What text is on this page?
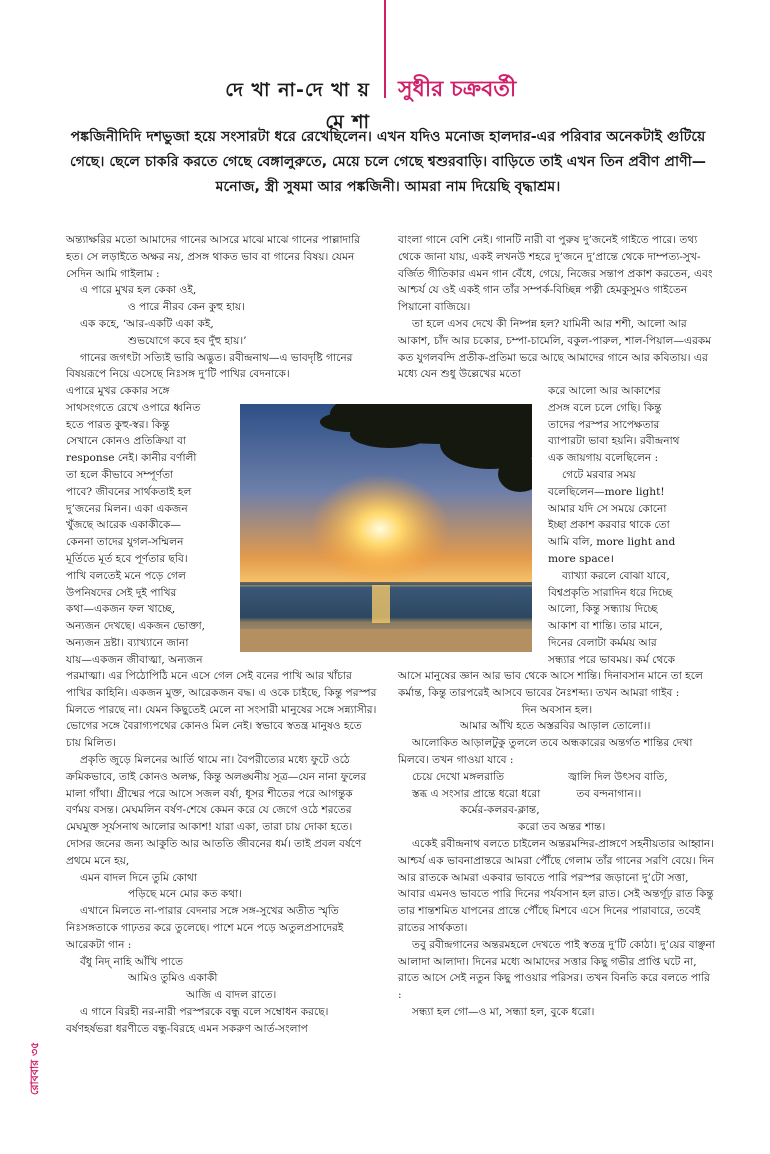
দে খা না-দে খা য় মে শা
সুধীর চক্রবর্তী
পঙ্কজিনীদিদি দশভুজা হয়ে সংসারটা ধরে রেখেছিলেন। এখন যদিও মনোজ হালদার-এর পরিবার অনেকটাই গুটিয়ে গেছে। ছেলে চাকরি করতে গেছে বেঙ্গালুরুতে, মেয়ে চলে গেছে শ্বশুরবাড়ি। বাড়িতে তাই এখন তিন প্রবীণ প্রাণী—মনোজ, স্ত্রী সুষমা আর পঙ্কজিনী। আমরা নাম দিয়েছি বৃদ্ধাশ্রম।

অন্ত্যাক্ষরির মতো আমাদের গানের আসরে মাঝে মাঝে গানের পাল্লাদারি হত। সে লড়াইতে অক্ষর নয়, প্রসঙ্গ থাকত ভাব বা গানের বিষয়। যেমন সেদিন আমি গাইলাম :

এ পারে মুখর হল কেকা ওই,

ও পারে নীরব কেন কুহু হায়।

এক কহে, ‘আর-একটি একা কই,

শুভযোগে কবে হব দুঁহু হায়।’

গানের জগৎটা সত্যিই ভারি অদ্ভুত। রবীন্দ্রনাথ—এ ভাবদৃষ্টি গানের বিষয়রূপে নিয়ে এসেছে নিঃসঙ্গ দু’টি পাখির বেদনাকে।

এপারে মুখর কেকার সঙ্গে

সাথসংগতে রেখে ওপারে ধ্বনিত

হতে পারত কুহু-স্বর। কিন্তু

সেখানে কোনও প্রতিক্রিয়া বা

response নেই। কানীর বর্ণালী

তা হলে কীভাবে সম্পূর্ণতা

পাবে? জীবনের সার্থকতাই হল

দু’জনের মিলন। একা একজন

খুঁজছে আরেক একাকীকে—

কেননা তাদের যুগল-সম্মিলন

মূর্তিতে মূর্ত হবে পূর্ণতার ছবি।

পাখি বলতেই মনে পড়ে গেল

উপনিষদের সেই দুই পাখির

কথা—একজন ফল খাচ্ছে,

অন্যজন দেখছে। একজন ভোক্তা,

অন্যজন দ্রষ্টা। ব্যাখ্যানে জানা

যায়—একজন জীবাত্মা, অন্যজন

পরমাত্মা। এর পিঠোপিঠি মনে এসে গেল সেই বনের পাখি আর খাঁচার পাখির কাহিনি। একজন মুক্ত, আরেকজন বদ্ধ। এ ওকে চাইছে, কিন্তু পরস্পর মিলতে পারছে না। যেমন কিছুতেই মেলে না সংসারী মানুষের সঙ্গে সন্ন্যাসীর। ভোগের সঙ্গে বৈরাগ্যপথের কোনও মিল নেই। স্বভাবে স্বতন্ত্র মানুষও হতে চায় মিলিত।

প্রকৃতি জুড়ে মিলনের আর্তি থামে না। বৈপরীত্যের মধ্যে ফুটে ওঠে ক্রমিকভাবে, তাই কোনও অলক্ষ, কিন্তু অলঙ্ঘনীয় সূত্র—যেন নানা ফুলের মালা গাঁথা। গ্রীষ্মের পরে আসে সজল বর্ষা, ধূসর শীতের পরে আগন্তুক বর্ণময় বসন্ত। মেঘমলিন বর্ষণ-শেষে কেমন করে যে জেগে ওঠে শরতের মেঘমুক্ত সূর্যসনাথ আলোর আকাশ! যারা একা, তারা চায় দোকা হতে। দোসর জনের জন্য আকুতি আর আততি জীবনের ধর্ম। তাই প্রবল বর্ষণে প্রথমে মনে হয়,

এমন বাদল দিনে তুমি কোথা

পড়িছে মনে মোর কত কথা।

এখানে মিলতে না-পারার বেদনার সঙ্গে সঙ্গ-সুখের অতীত স্মৃতি নিঃসঙ্গতাকে গাঢ়তর করে তুলেছে। পাশে মনে পড়ে অতুলপ্রসাদেরই আরেকটা গান :

বঁধু নিদ্ নাহি আঁখি পাতে

আমিও তুমিও একাকী

আজি এ বাদল রাতে।

এ গানে বিরহী নর-নারী পরস্পরকে বন্ধু বলে সম্বোধন করছে। বর্ষণহর্ষভরা ধরণীতে বন্ধু-বিরহে এমন সকরুণ আর্ত-সংলাপ

বাংলা গানে বেশি নেই। গানটি নারী বা পুরুষ দু’জনেই গাইতে পারে। তথ্য থেকে জানা যায়, একই লখনউ শহরে দু’জনে দু’প্রান্তে থেকে দাম্পত্য-সুখ-বর্জিত গীতিকার এমন গান বেঁধে, গেয়ে, নিজের সন্তাপ প্রকাশ করতেন, এবং আশ্চর্য যে ওই একই গান তাঁর সম্পর্ক-বিচ্ছিন্ন পত্নী হেমকুসুমও গাইতেন পিয়ানো বাজিয়ে।

তা হলে এসব দেখে কী নিষ্পন্ন হল? যামিনী আর শশী, আলো আর আকাশ, চাঁদ আর চকোর, চম্পা-চামেলি, বকুল-পারুল, শাল-পিয়াল—এরকম কত যুগলবন্দি প্রতীক-প্রতিমা ভরে আছে আমাদের গানে আর কবিতায়। এর মধ্যে যেন শুধু উল্লেখের মতো

করে আলো আর আকাশের

প্রসঙ্গ বলে চলে গেছি। কিন্তু

তাদের পরস্পর সাপেক্ষতার

ব্যাপারটা ভাবা হয়নি। রবীন্দ্রনাথ

এক জায়গায় বলেছিলেন :

গেটে মরবার সময়

বলেছিলেন—more light!

আমার যদি সে সময়ে কোনো

ইচ্ছা প্রকাশ করবার থাকে তো

আমি বলি, more light and

more space।

ব্যাখ্যা করলে বোঝা যাবে,

বিশ্বপ্রকৃতি সারাদিন ধরে দিচ্ছে

আলো, কিন্তু সন্ধ্যায় দিচ্ছে

আকাশ বা শান্তি। তার মানে,

দিনের বেলাটা কর্মময় আর

সন্ধ্যার পরে ভাবময়। কর্ম থেকে

আসে মানুষের জ্ঞান আর ভাব থেকে আসে শান্তি। দিনাবসান মানে তা হলে কর্মান্ত, কিন্তু তারপরেই আসবে ভাবের নৈঃশব্দ্য। তখন আমরা গাইব :

দিন অবসান হল।

আমার আঁখি হতে অস্তরবির আড়াল তোলো।।

আলোকিত আড়ালটুকু তুললে তবে অন্ধকারের অন্তর্গত শান্তির দেখা মিলবে। তখন গাওয়া যাবে :

চেয়ে দেখো মঙ্গলরাতি	জ্বালি দিল উৎসব বাতি,

স্তব্ধ এ সংসার প্রান্তে ধরো ধরো	তব বন্দনাগান।।

কর্মের-কলরব-ক্লান্ত,

করো তব অন্তর শান্ত।

একেই রবীন্দ্রনাথ বলতে চাইলেন অন্তরমন্দির-প্রাঙ্গণে সহনীয়তার আহ্বান। আশ্চর্য এক ভাবনাপ্রান্তরে আমরা পৌঁছে গেলাম তাঁর গানের সরণি বেয়ে। দিন আর রাতকে আমরা একবার ভাবতে পারি পরস্পর জড়ানো দু’টো সত্তা, আবার এমনও ভাবতে পারি দিনের পর্যবসান হল রাত। সেই অন্তর্গূঢ় রাত কিন্তু তার শান্তশমিত যাপনের প্রান্তে পৌঁছে মিশবে এসে দিনের পারাবারে, তবেই রাতের সার্থকতা।

তবু রবীন্দ্রগানের অন্তরমহলে দেখতে পাই স্বতন্ত্র দু’টি কোঠা। দু’য়ের বাঞ্ছনা আলাদা আলাদা। দিনের মধ্যে আমাদের সত্তার কিছু গভীর প্রাপ্তি ঘটে না, রাতে আসে সেই নতুন কিছু পাওয়ার পরিসর। তখন বিনতি করে বলতে পারি :

সন্ধ্যা হল গো—ও মা, সন্ধ্যা হল, বুকে ধরো।

রোববার ৩৫
